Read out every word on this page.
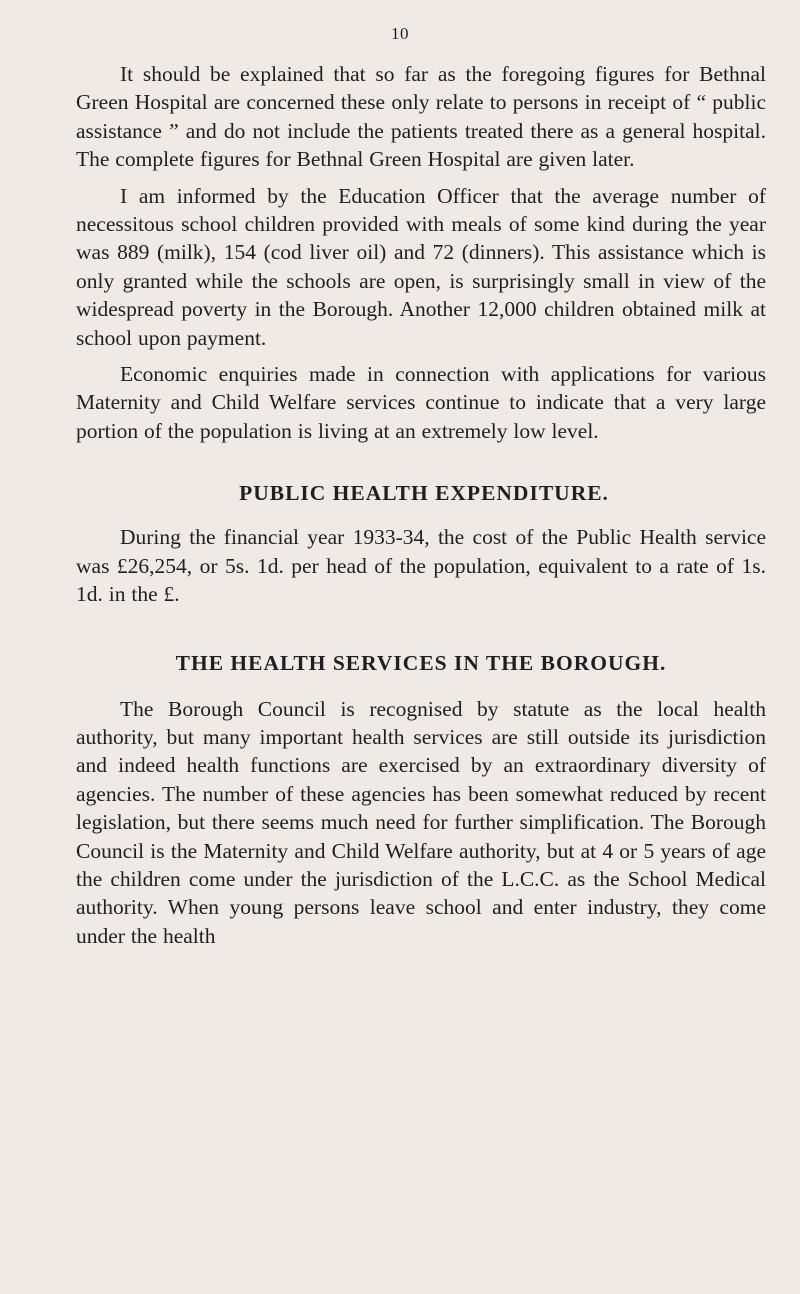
10

It should be explained that so far as the foregoing figures for Bethnal Green Hospital are concerned these only relate to persons in receipt of “ public assistance ” and do not include the patients treated there as a general hospital. The complete figures for Bethnal Green Hospital are given later.

I am informed by the Education Officer that the average number of necessitous school children provided with meals of some kind during the year was 889 (milk), 154 (cod liver oil) and 72 (dinners). This assistance which is only granted while the schools are open, is surprisingly small in view of the widespread poverty in the Borough. Another 12,000 children obtained milk at school upon payment.

Economic enquiries made in connection with applications for various Maternity and Child Welfare services continue to indicate that a very large portion of the population is living at an extremely low level.

PUBLIC HEALTH EXPENDITURE.

During the financial year 1933-34, the cost of the Public Health service was £26,254, or 5s. 1d. per head of the population, equivalent to a rate of 1s. 1d. in the £.

THE HEALTH SERVICES IN THE BOROUGH.

The Borough Council is recognised by statute as the local health authority, but many important health services are still outside its jurisdiction and indeed health functions are exercised by an extraordinary diversity of agencies. The number of these agencies has been somewhat reduced by recent legislation, but there seems much need for further simplification. The Borough Council is the Maternity and Child Welfare authority, but at 4 or 5 years of age the children come under the jurisdiction of the L.C.C. as the School Medical authority. When young persons leave school and enter industry, they come under the health
